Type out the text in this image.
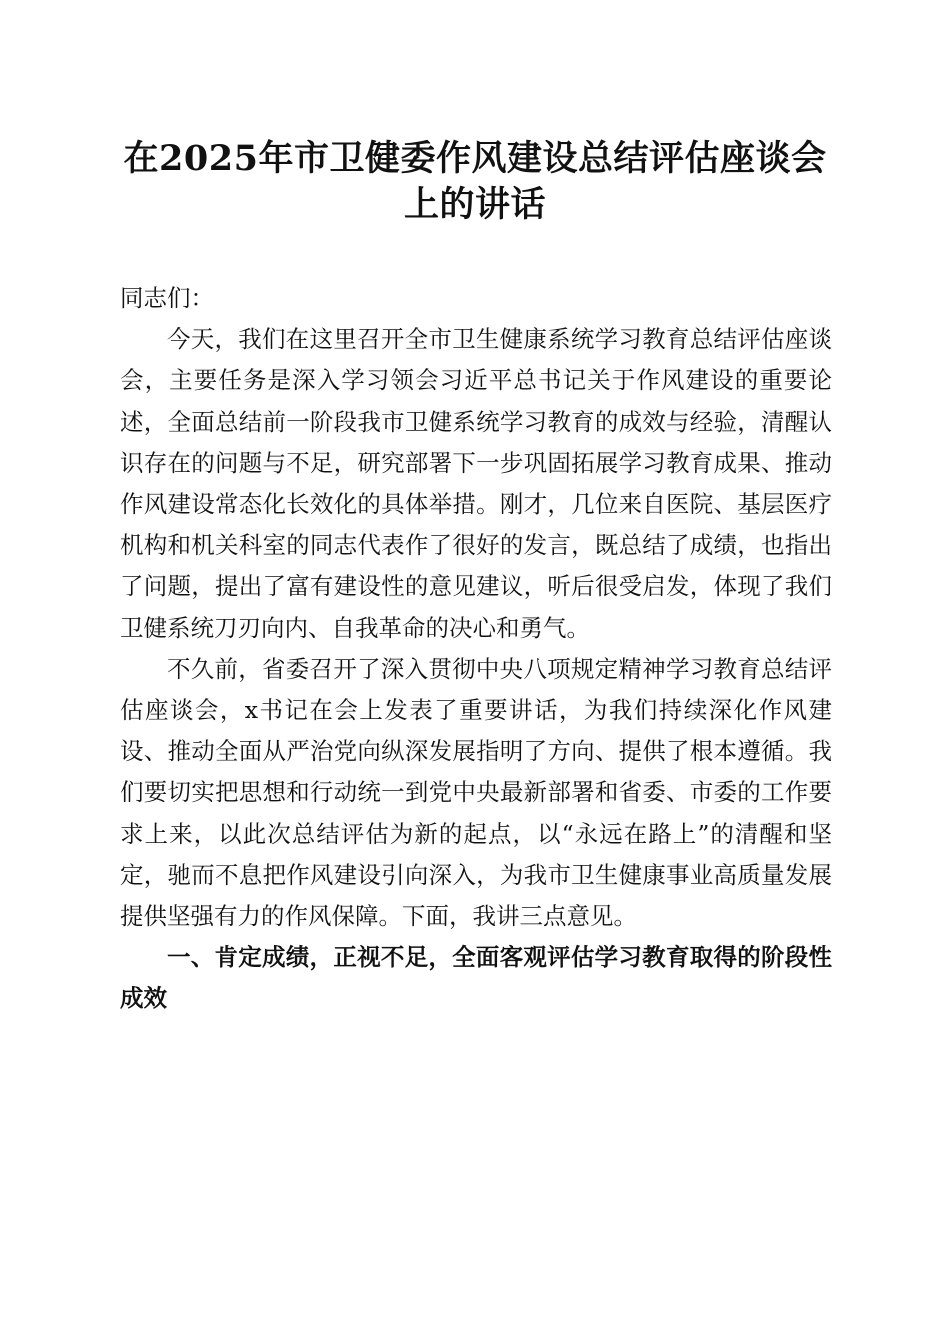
在2025年市卫健委作风建设总结评估座谈会
上的讲话

同志们：

今天，我们在这里召开全市卫生健康系统学习教育总结评估座谈会，主要任务是深入学习领会习近平总书记关于作风建设的重要论述，全面总结前一阶段我市卫健系统学习教育的成效与经验，清醒认识存在的问题与不足，研究部署下一步巩固拓展学习教育成果、推动作风建设常态化长效化的具体举措。刚才，几位来自医院、基层医疗机构和机关科室的同志代表作了很好的发言，既总结了成绩，也指出了问题，提出了富有建设性的意见建议，听后很受启发，体现了我们卫健系统刀刃向内、自我革命的决心和勇气。

不久前，省委召开了深入贯彻中央八项规定精神学习教育总结评估座谈会，x书记在会上发表了重要讲话，为我们持续深化作风建设、推动全面从严治党向纵深发展指明了方向、提供了根本遵循。我们要切实把思想和行动统一到党中央最新部署和省委、市委的工作要求上来，以此次总结评估为新的起点，以“永远在路上”的清醒和坚定，驰而不息把作风建设引向深入，为我市卫生健康事业高质量发展提供坚强有力的作风保障。下面，我讲三点意见。

一、肯定成绩，正视不足，全面客观评估学习教育取得的阶段性成效
